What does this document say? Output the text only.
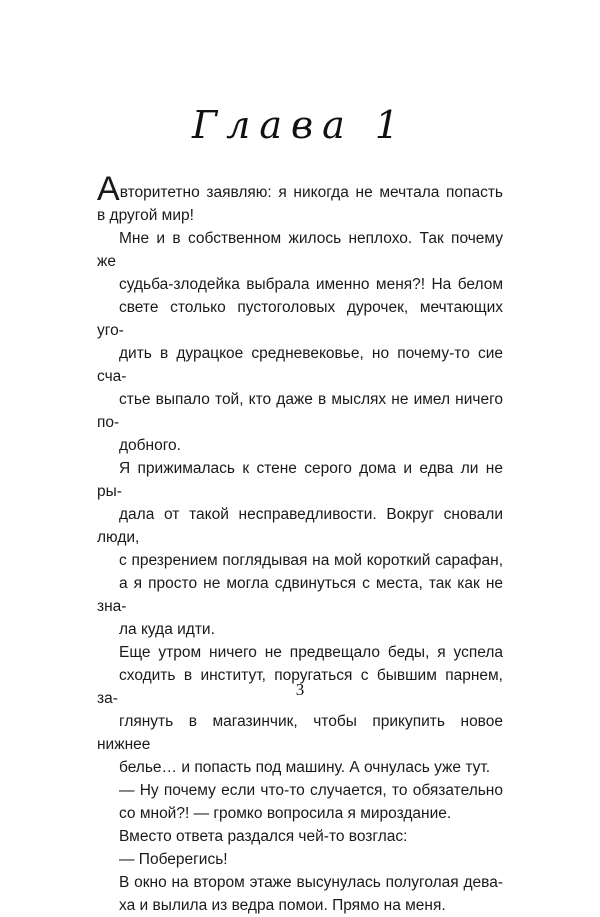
Глава 1

Авторитетно заявляю: я никогда не мечтала попасть
в другой мир!

Мне и в собственном жилось неплохо. Так почему же
судьба-злодейка выбрала именно меня?! На белом
свете столько пустоголовых дурочек, мечтающих уго-
дить в дурацкое средневековье, но почему-то сие сча-
стье выпало той, кто даже в мыслях не имел ничего по-
добного.

Я прижималась к стене серого дома и едва ли не ры-
дала от такой несправедливости. Вокруг сновали люди,
с презрением поглядывая на мой короткий сарафан,
а я просто не могла сдвинуться с места, так как не зна-
ла куда идти.

Еще утром ничего не предвещало беды, я успела
сходить в институт, поругаться с бывшим парнем, за-
глянуть в магазинчик, чтобы прикупить новое нижнее
белье… и попасть под машину. А очнулась уже тут.

— Ну почему если что-то случается, то обязательно
со мной?! — громко вопросила я мироздание.

Вместо ответа раздался чей-то возглас:

— Поберегись!

В окно на втором этаже высунулась полуголая дева-
ха и вылила из ведра помои. Прямо на меня.

3
